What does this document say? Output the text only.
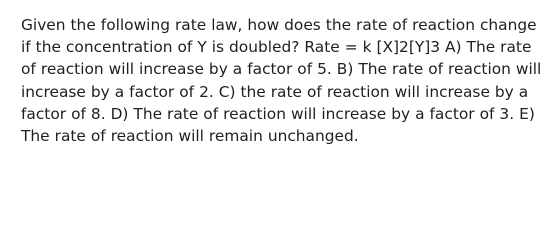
Given the following rate law, how does the rate of reaction change if the concentration of Y is doubled? Rate = k [X]2[Y]3 A) The rate of reaction will increase by a factor of 5. B) The rate of reaction will increase by a factor of 2. C) the rate of reaction will increase by a factor of 8. D) The rate of reaction will increase by a factor of 3. E) The rate of reaction will remain unchanged.
